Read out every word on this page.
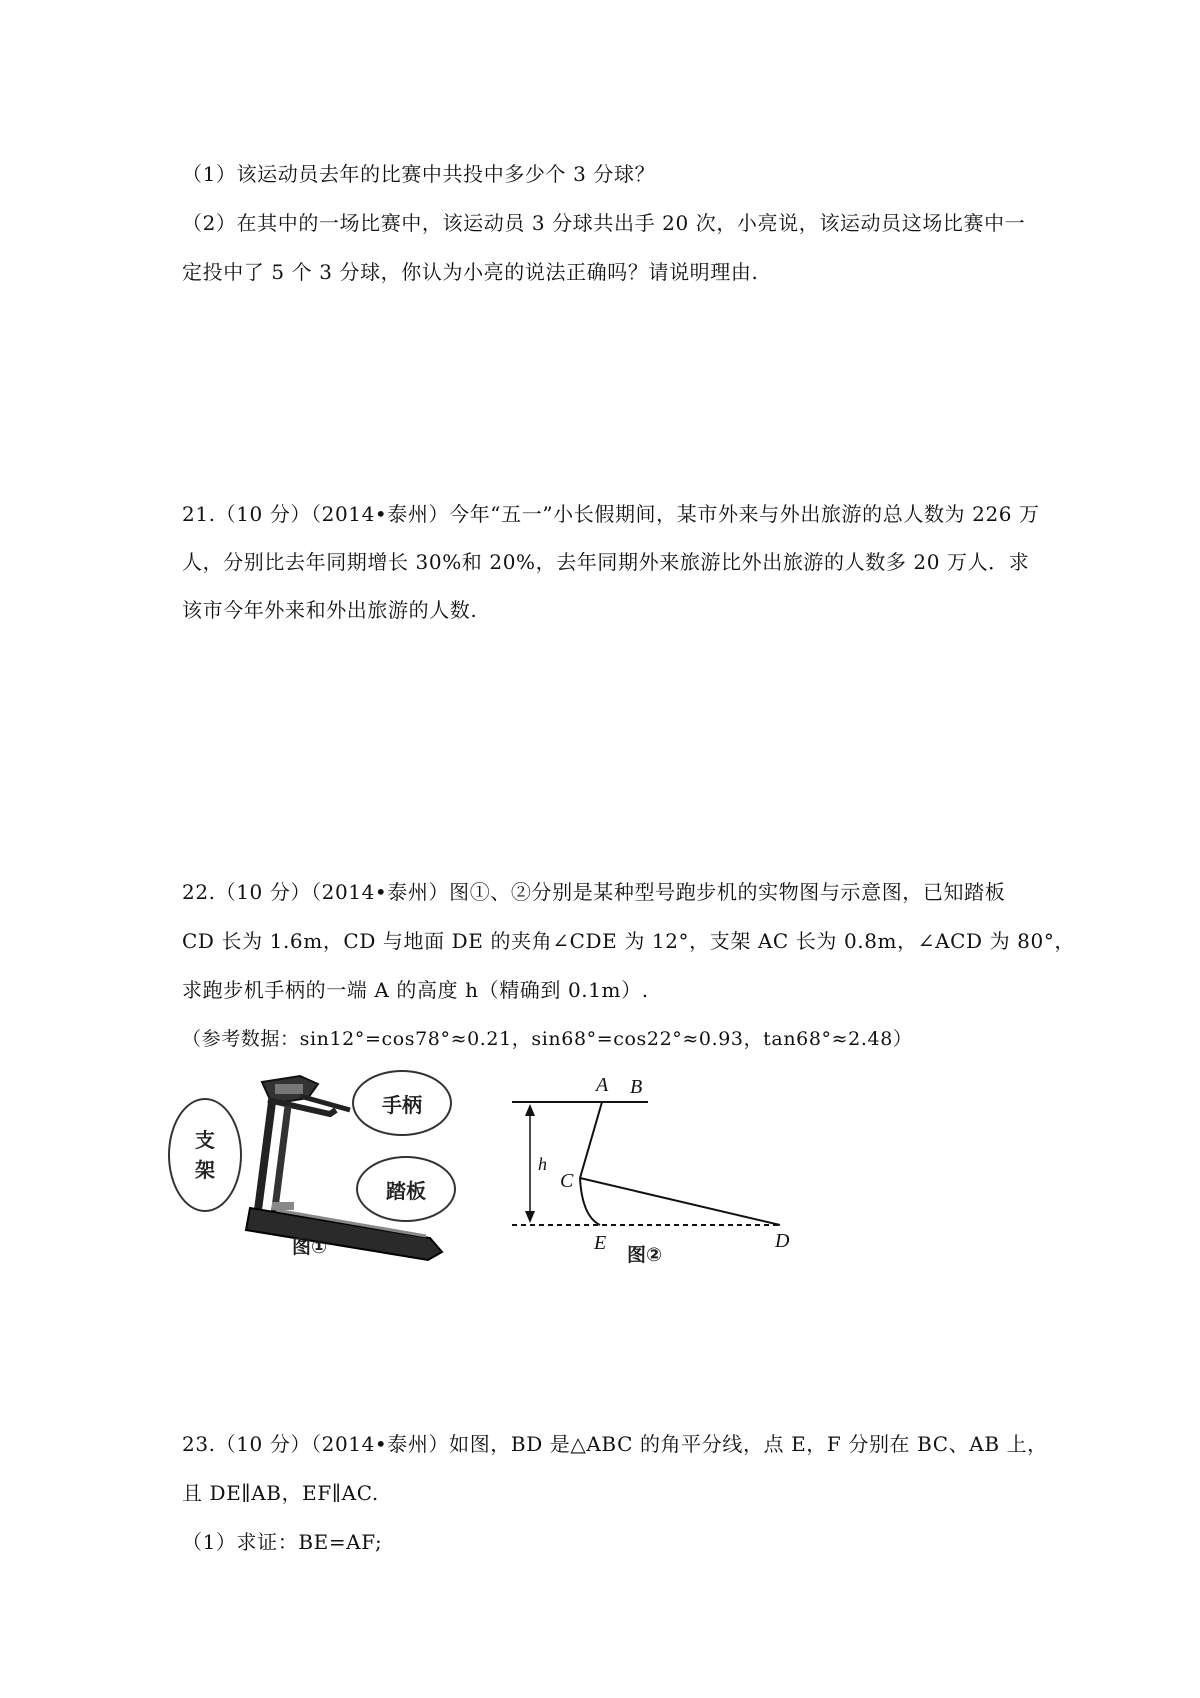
（1）该运动员去年的比赛中共投中多少个 3 分球？
（2）在其中的一场比赛中，该运动员 3 分球共出手 20 次，小亮说，该运动员这场比赛中一
定投中了 5 个 3 分球，你认为小亮的说法正确吗？请说明理由.
21.（10 分）（2014•泰州）今年“五一”小长假期间，某市外来与外出旅游的总人数为 226 万
人，分别比去年同期增长 30%和 20%，去年同期外来旅游比外出旅游的人数多 20 万人．求
该市今年外来和外出旅游的人数.
22.（10 分）（2014•泰州）图①、②分别是某种型号跑步机的实物图与示意图，已知踏板
CD 长为 1.6m，CD 与地面 DE 的夹角∠CDE 为 12°，支架 AC 长为 0.8m，∠ACD 为 80°，
求跑步机手柄的一端 A 的高度 h（精确到 0.1m）.
（参考数据：sin12°=cos78°≈0.21，sin68°=cos22°≈0.93，tan68°≈2.48）
支
架
手柄
踏板
图①
A B
C
D
E
h
图②
23.（10 分）（2014•泰州）如图，BD 是△ABC 的角平分线，点 E，F 分别在 BC、AB 上，
且 DE∥AB，EF∥AC.
（1）求证：BE=AF;
